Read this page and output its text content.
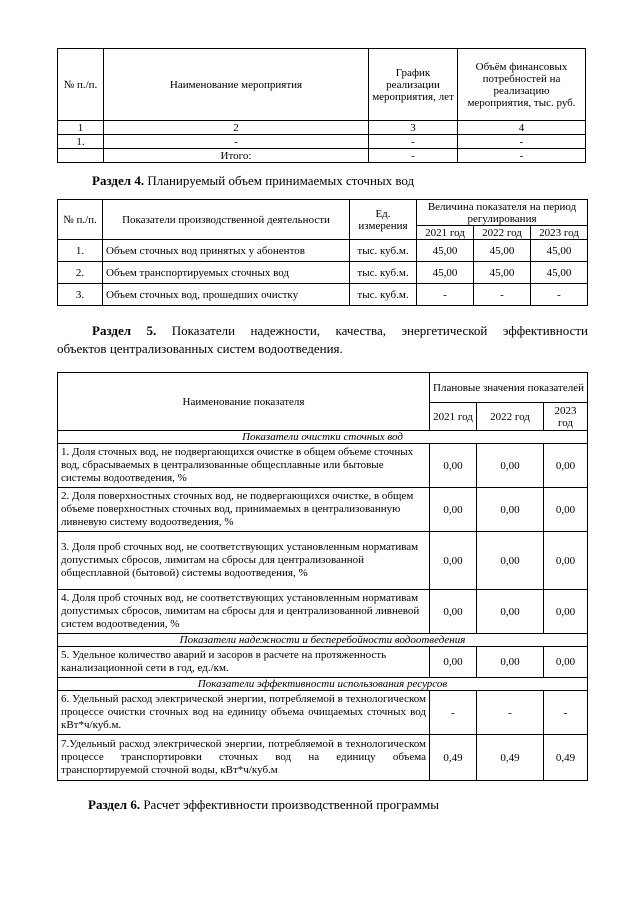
№ п./п.	Наименование мероприятия	График реализации мероприятия, лет	Объём финансовых потребностей на реализацию мероприятия, тыс. руб.
1	2	3	4
1.	-	-	-
	Итого:	-	-

Раздел 4. Планируемый объем принимаемых сточных вод

№ п./п.	Показатели производственной деятельности	Ед. измерения	Величина показателя на период регулирования		
			2021 год	2022 год	2023 год
1.	Объем сточных вод принятых у абонентов	тыс. куб.м.	45,00	45,00	45,00
2.	Объем транспортируемых сточных вод	тыс. куб.м.	45,00	45,00	45,00
3.	Объем сточных вод, прошедших очистку	тыс. куб.м.	-	-	-
Раздел 5. Показатели надежности, качества, энергетической эффективности
объектов централизованных систем водоотведения.
Наименование показателя	Плановые значения показателей		
	2021 год	2022 год	2023 год
Показатели очистки сточных вод			
1. Доля сточных вод, не подвергающихся очистке в общем объеме сточных вод, сбрасываемых в централизованные общесплавные или бытовые системы водоотведения, %	0,00	0,00	0,00
2. Доля поверхностных сточных вод, не подвергающихся очистке, в общем объеме поверхностных сточных вод, принимаемых в централизованную ливневую систему водоотведения, %	0,00	0,00	0,00
3. Доля проб сточных вод, не соответствующих установленным нормативам допустимых сбросов, лимитам на сбросы для централизованной общесплавной (бытовой) системы водоотведения, %	0,00	0,00	0,00
4. Доля проб сточных вод, не соответствующих установленным нормативам допустимых сбросов, лимитам на сбросы для и централизованной ливневой систем водоотведения, %	0,00	0,00	0,00
Показатели надежности и бесперебойности водоотведения			
5. Удельное количество аварий и засоров в расчете на протяженность канализационной сети в год, ед./км.	0,00	0,00	0,00
Показатели эффективности использования ресурсов			
6. Удельный расход электрической энергии, потребляемой в технологическом процессе очистки сточных вод на единицу объема очищаемых сточных вод кВт*ч/куб.м.	-	-	-
7.Удельный расход электрической энергии, потребляемой в технологическом процессе транспортировки сточных вод на единицу объема транспортируемой сточной воды, кВт*ч/куб.м	0,49	0,49	0,49

Раздел 6. Расчет эффективности производственной программы
